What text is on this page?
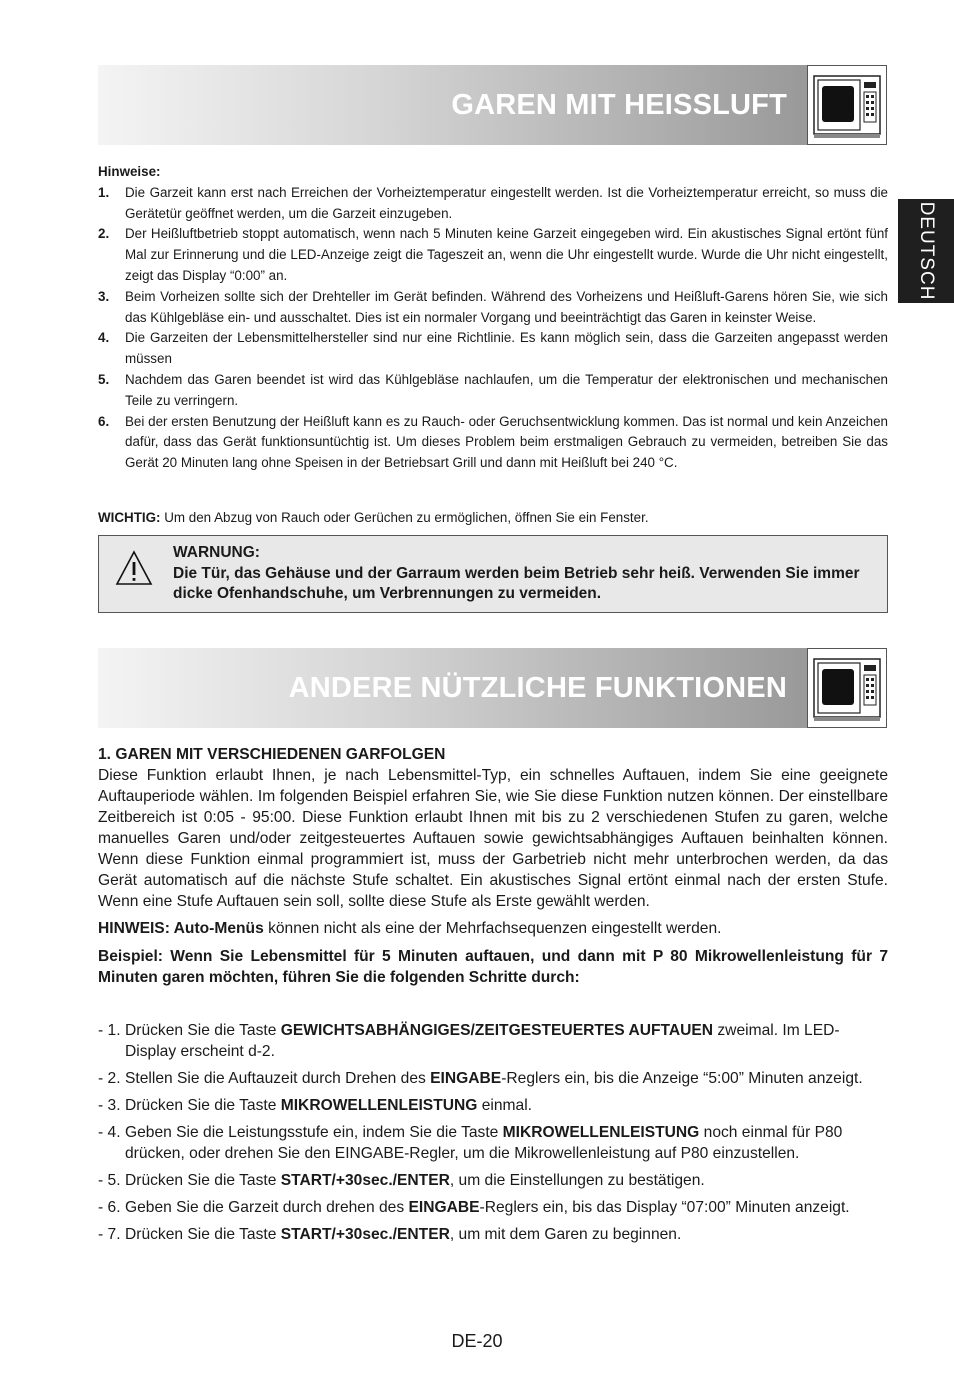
GAREN MIT HEISSLUFT
DEUTSCH
Hinweise:
1. Die Garzeit kann erst nach Erreichen der Vorheiztemperatur eingestellt werden. Ist die Vorheiztemperatur erreicht, so muss die Gerätetür geöffnet werden, um die Garzeit einzugeben.
2. Der Heißluftbetrieb stoppt automatisch, wenn nach 5 Minuten keine Garzeit eingegeben wird. Ein akustisches Signal ertönt fünf Mal zur Erinnerung und die LED-Anzeige zeigt die Tageszeit an, wenn die Uhr eingestellt wurde. Wurde die Uhr nicht eingestellt, zeigt das Display “0:00” an.
3. Beim Vorheizen sollte sich der Drehteller im Gerät befinden. Während des Vorheizens und Heißluft-Garens hören Sie, wie sich das Kühlgebläse ein- und ausschaltet. Dies ist ein normaler Vorgang und beeinträchtigt das Garen in keinster Weise.
4. Die Garzeiten der Lebensmittelhersteller sind nur eine Richtlinie. Es kann möglich sein, dass die Garzeiten angepasst werden müssen
5. Nachdem das Garen beendet ist wird das Kühlgebläse nachlaufen, um die Temperatur der elektronischen und mechanischen Teile zu verringern.
6. Bei der ersten Benutzung der Heißluft kann es zu Rauch- oder Geruchsentwicklung kommen. Das ist normal und kein Anzeichen dafür, dass das Gerät funktionsuntüchtig ist. Um dieses Problem beim erstmaligen Gebrauch zu vermeiden, betreiben Sie das Gerät 20 Minuten lang ohne Speisen in der Betriebsart Grill und dann mit Heißluft bei 240 °C.
WICHTIG: Um den Abzug von Rauch oder Gerüchen zu ermöglichen, öffnen Sie ein Fenster.
WARNUNG:
Die Tür, das Gehäuse und der Garraum werden beim Betrieb sehr heiß. Verwenden Sie immer dicke Ofenhandschuhe, um Verbrennungen zu vermeiden.
ANDERE NÜTZLICHE FUNKTIONEN
1. GAREN MIT VERSCHIEDENEN GARFOLGEN

Diese Funktion erlaubt Ihnen, je nach Lebensmittel-Typ, ein schnelles Auftauen, indem Sie eine geeignete Auftauperiode wählen. Im folgenden Beispiel erfahren Sie, wie Sie diese Funktion nutzen können. Der einstellbare Zeitbereich ist 0:05 - 95:00. Diese Funktion erlaubt Ihnen mit bis zu 2 verschiedenen Stufen zu garen, welche manuelles Garen und/oder zeitgesteuertes Auftauen sowie gewichtsabhängiges Auftauen beinhalten können. Wenn diese Funktion einmal programmiert ist, muss der Garbetrieb nicht mehr unterbrochen werden, da das Gerät automatisch auf die nächste Stufe schaltet. Ein akustisches Signal ertönt einmal nach der ersten Stufe. Wenn eine Stufe Auftauen sein soll, sollte diese Stufe als Erste gewählt werden.

HINWEIS: Auto-Menüs können nicht als eine der Mehrfachsequenzen eingestellt werden.

Beispiel: Wenn Sie Lebensmittel für 5 Minuten auftauen, und dann mit P 80 Mikrowellenleistung für 7 Minuten garen möchten, führen Sie die folgenden Schritte durch:

- 1. Drücken Sie die Taste GEWICHTSABHÄNGIGES/ZEITGESTEUERTES AUFTAUEN zweimal. Im LED-Display erscheint d-2.
- 2. Stellen Sie die Auftauzeit durch Drehen des EINGABE-Reglers ein, bis die Anzeige “5:00” Minuten anzeigt.
- 3. Drücken Sie die Taste MIKROWELLENLEISTUNG einmal.
- 4. Geben Sie die Leistungsstufe ein, indem Sie die Taste MIKROWELLENLEISTUNG noch einmal für P80 drücken, oder drehen Sie den EINGABE-Regler, um die Mikrowellenleistung auf P80 einzustellen.
- 5. Drücken Sie die Taste START/+30sec./ENTER, um die Einstellungen zu bestätigen.
- 6. Geben Sie die Garzeit durch drehen des EINGABE-Reglers ein, bis das Display “07:00” Minuten anzeigt.
- 7. Drücken Sie die Taste START/+30sec./ENTER, um mit dem Garen zu beginnen.
DE-20
